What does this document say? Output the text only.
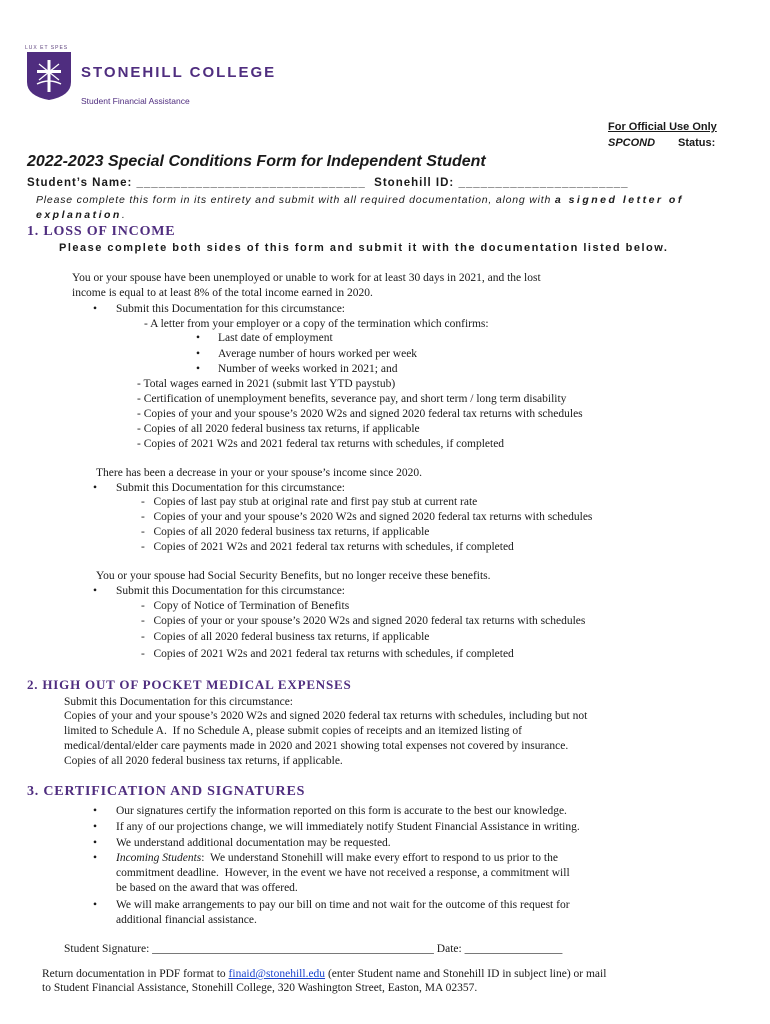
LUX ET SPES
STONEHILL COLLEGE
Student Financial Assistance
For Official Use Only
SPCOND Status:
2022-2023 Special Conditions Form for Independent Student
Student’s Name: _______________________________  Stonehill ID: _______________________
Please complete this form in its entirety and submit with all required documentation, along with a signed letter of explanation.
1. LOSS OF INCOME
Please complete both sides of this form and submit it with the documentation listed below.
You or your spouse have been unemployed or unable to work for at least 30 days in 2021, and the lost
income is equal to at least 8% of the total income earned in 2020.
• Submit this Documentation for this circumstance:
- A letter from your employer or a copy of the termination which confirms:
• Last date of employment
• Average number of hours worked per week
• Number of weeks worked in 2021; and
- Total wages earned in 2021 (submit last YTD paystub)
- Certification of unemployment benefits, severance pay, and short term / long term disability
- Copies of your and your spouse’s 2020 W2s and signed 2020 federal tax returns with schedules
- Copies of all 2020 federal business tax returns, if applicable
- Copies of 2021 W2s and 2021 federal tax returns with schedules, if completed
There has been a decrease in your or your spouse’s income since 2020.
• Submit this Documentation for this circumstance:
-   Copies of last pay stub at original rate and first pay stub at current rate
-   Copies of your and your spouse’s 2020 W2s and signed 2020 federal tax returns with schedules
-   Copies of all 2020 federal business tax returns, if applicable
-   Copies of 2021 W2s and 2021 federal tax returns with schedules, if completed
You or your spouse had Social Security Benefits, but no longer receive these benefits.
• Submit this Documentation for this circumstance:
-   Copy of Notice of Termination of Benefits
-   Copies of your or your spouse’s 2020 W2s and signed 2020 federal tax returns with schedules
-   Copies of all 2020 federal business tax returns, if applicable
-   Copies of 2021 W2s and 2021 federal tax returns with schedules, if completed
2. HIGH OUT OF POCKET MEDICAL EXPENSES
Submit this Documentation for this circumstance:
Copies of your and your spouse’s 2020 W2s and signed 2020 federal tax returns with schedules, including but not
limited to Schedule A.  If no Schedule A, please submit copies of receipts and an itemized listing of
medical/dental/elder care payments made in 2020 and 2021 showing total expenses not covered by insurance.
Copies of all 2020 federal business tax returns, if applicable.
3. CERTIFICATION AND SIGNATURES
• Our signatures certify the information reported on this form is accurate to the best our knowledge.
• If any of our projections change, we will immediately notify Student Financial Assistance in writing.
• We understand additional documentation may be requested.
• Incoming Students:  We understand Stonehill will make every effort to respond to us prior to the
commitment deadline.  However, in the event we have not received a response, a commitment will
be based on the award that was offered.
• We will make arrangements to pay our bill on time and not wait for the outcome of this request for
additional financial assistance.
Student Signature: _________________________________________________ Date: _________________
Return documentation in PDF format to finaid@stonehill.edu (enter Student name and Stonehill ID in subject line) or mail
to Student Financial Assistance, Stonehill College, 320 Washington Street, Easton, MA 02357.
